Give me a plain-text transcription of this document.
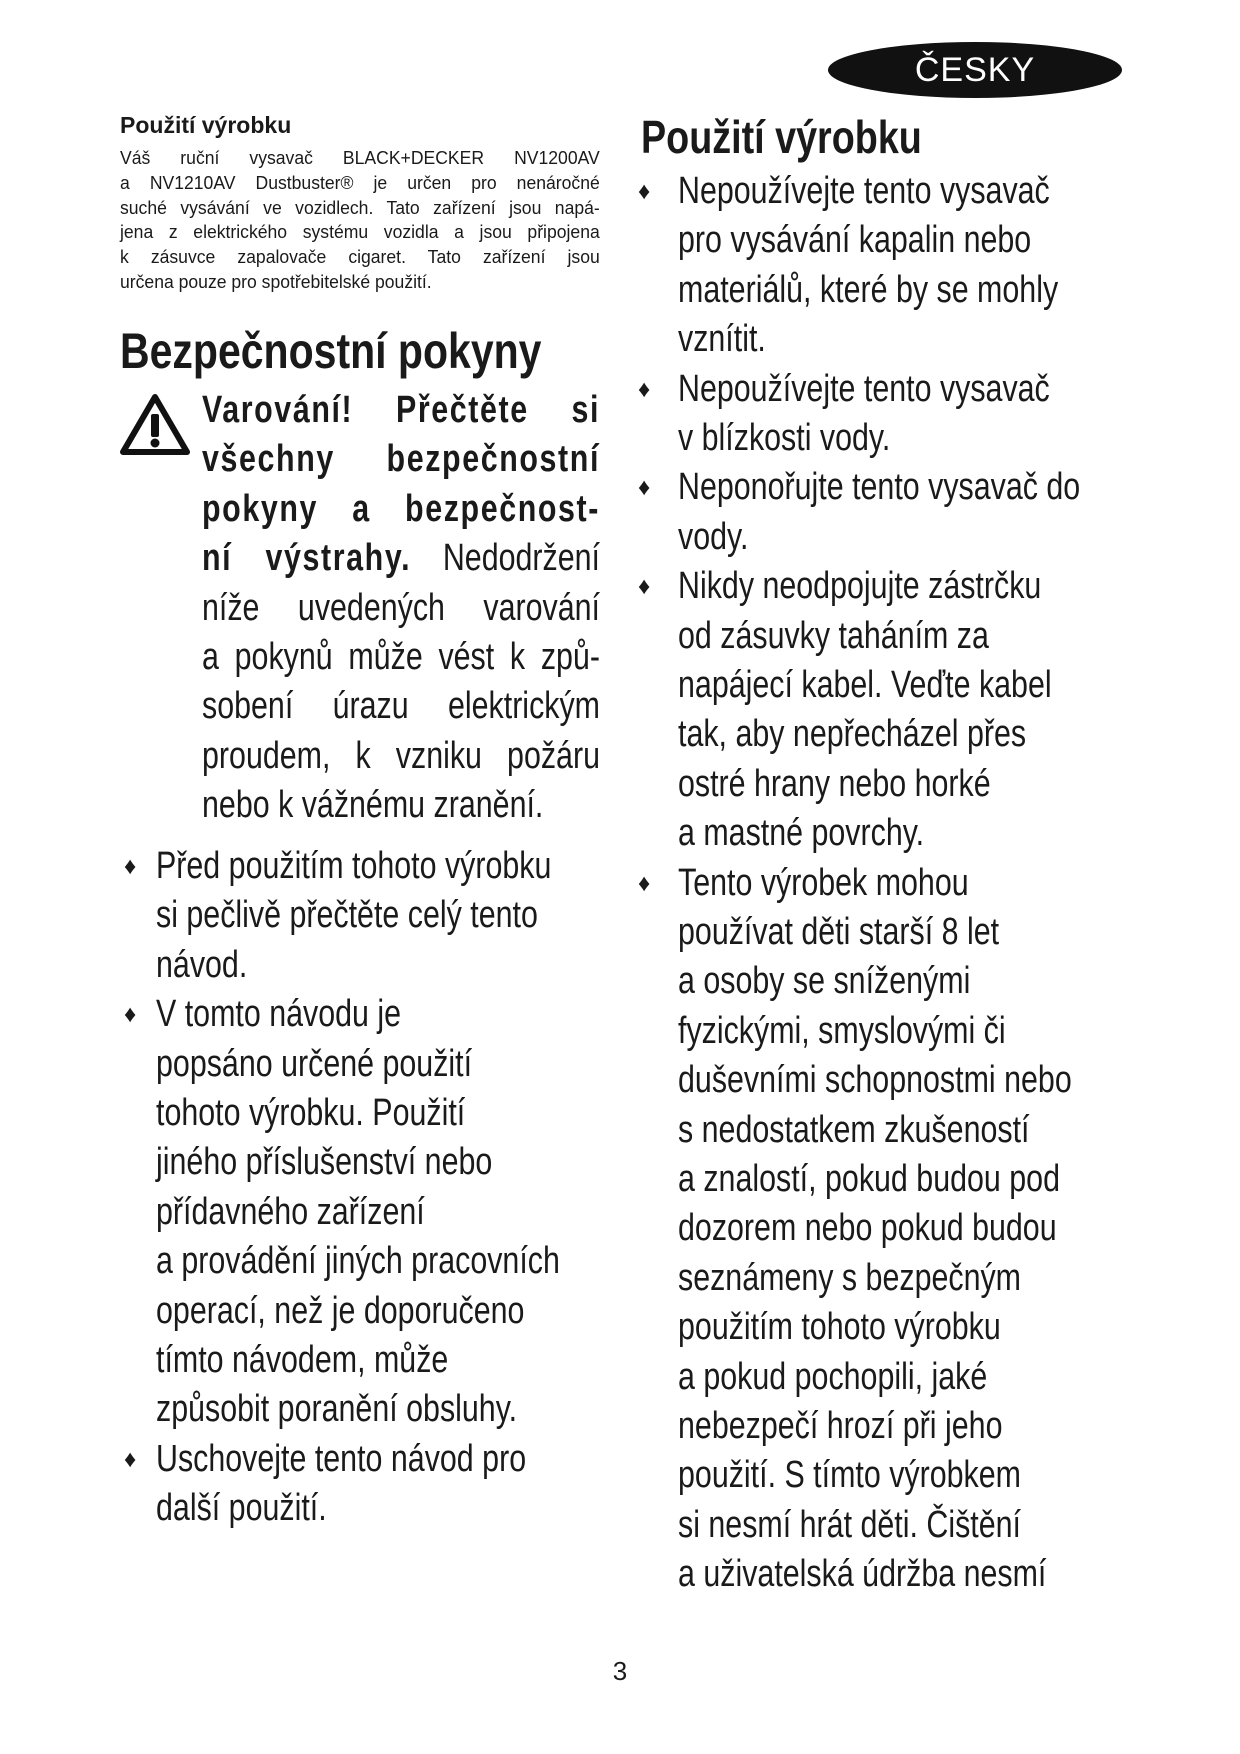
ČESKY
Použití výrobku
Váš ruční vysavač BLACK+DECKER NV1200AV
a NV1210AV Dustbuster® je určen pro nenáročné
suché vysávání ve vozidlech. Tato zařízení jsou napá-
jena z elektrického systému vozidla a jsou připojena
k zásuvce zapalovače cigaret. Tato zařízení jsou
určena pouze pro spotřebitelské použití.
Bezpečnostní pokyny
Varování! Přečtěte si
všechny bezpečnostní
pokyny a bezpečnost-
ní výstrahy. Nedodržení
níže uvedených varování
a pokynů může vést k způ-
sobení úrazu elektrickým
proudem, k vzniku požáru
nebo k vážnému zranění.
♦ Před použitím tohoto výrobku
si pečlivě přečtěte celý tento
návod.
♦ V tomto návodu je
popsáno určené použití
tohoto výrobku. Použití
jiného příslušenství nebo
přídavného zařízení
a provádění jiných pracovních
operací, než je doporučeno
tímto návodem, může
způsobit poranění obsluhy.
♦ Uschovejte tento návod pro
další použití.
Použití výrobku
♦ Nepoužívejte tento vysavač
pro vysávání kapalin nebo
materiálů, které by se mohly
vznítit.
♦ Nepoužívejte tento vysavač
v blízkosti vody.
♦ Neponořujte tento vysavač do
vody.
♦ Nikdy neodpojujte zástrčku
od zásuvky taháním za
napájecí kabel. Veďte kabel
tak, aby nepřecházel přes
ostré hrany nebo horké
a mastné povrchy.
♦ Tento výrobek mohou
používat děti starší 8 let
a osoby se sníženými
fyzickými, smyslovými či
duševními schopnostmi nebo
s nedostatkem zkušeností
a znalostí, pokud budou pod
dozorem nebo pokud budou
seznámeny s bezpečným
použitím tohoto výrobku
a pokud pochopili, jaké
nebezpečí hrozí při jeho
použití. S tímto výrobkem
si nesmí hrát děti. Čištění
a uživatelská údržba nesmí
3
